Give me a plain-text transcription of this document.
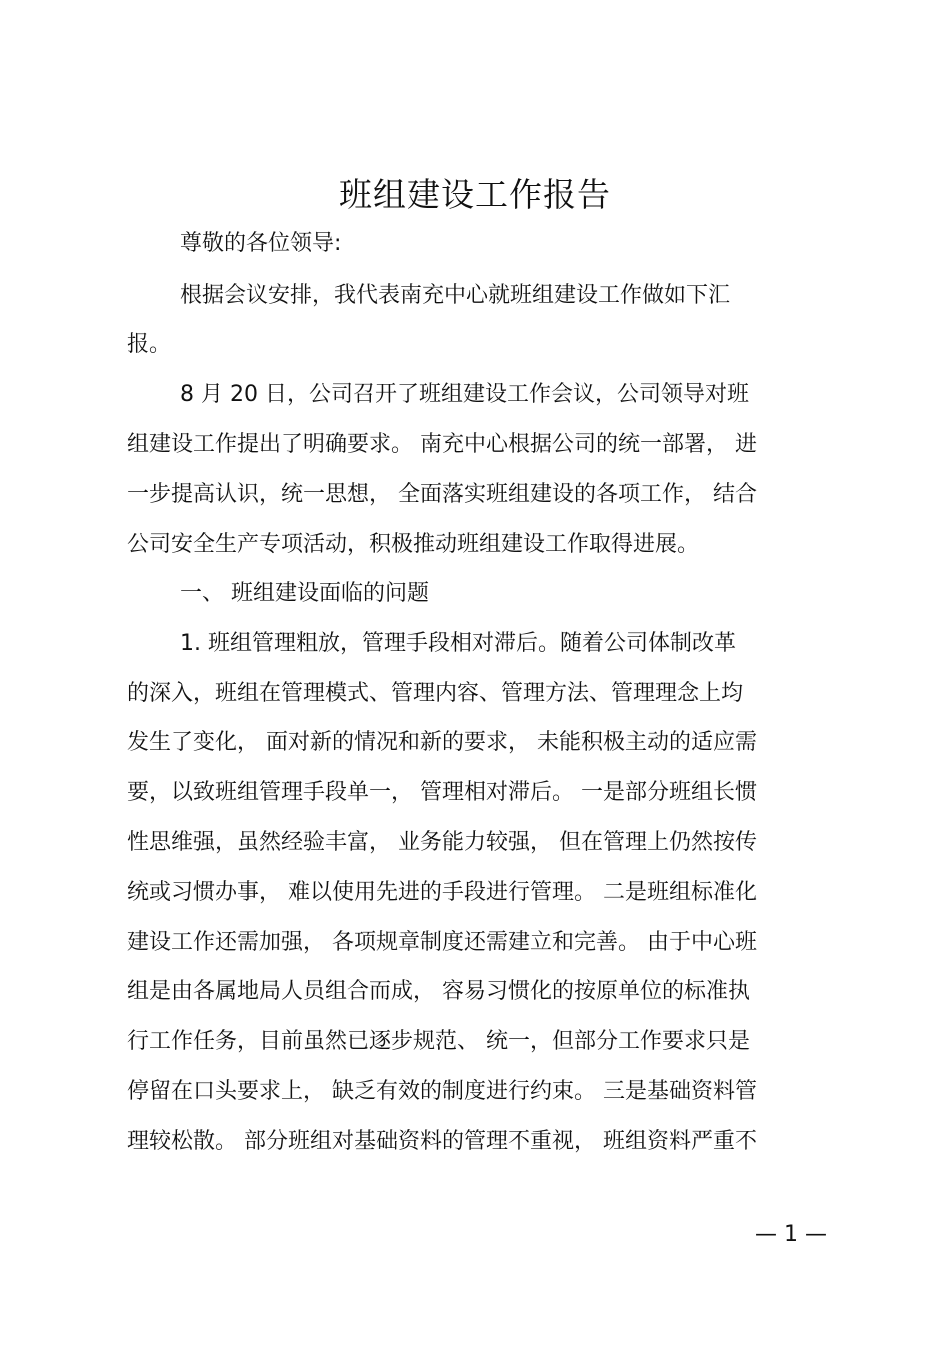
班组建设工作报告
尊敬的各位领导:
根据会议安排，我代表南充中心就班组建设工作做如下汇
报。
8 月 20 日，公司召开了班组建设工作会议，公司领导对班
组建设工作提出了明确要求。 南充中心根据公司的统一部署， 进
一步提高认识，统一思想， 全面落实班组建设的各项工作， 结合
公司安全生产专项活动，积极推动班组建设工作取得进展。
一、 班组建设面临的问题
1. 班组管理粗放，管理手段相对滞后。随着公司体制改革
的深入，班组在管理模式、管理内容、管理方法、管理理念上均
发生了变化， 面对新的情况和新的要求， 未能积极主动的适应需
要，以致班组管理手段单一， 管理相对滞后。 一是部分班组长惯
性思维强，虽然经验丰富， 业务能力较强， 但在管理上仍然按传
统或习惯办事， 难以使用先进的手段进行管理。 二是班组标准化
建设工作还需加强， 各项规章制度还需建立和完善。 由于中心班
组是由各属地局人员组合而成， 容易习惯化的按原单位的标准执
行工作任务，目前虽然已逐步规范、 统一，但部分工作要求只是
停留在口头要求上， 缺乏有效的制度进行约束。 三是基础资料管
理较松散。 部分班组对基础资料的管理不重视， 班组资料严重不
— 1 —
